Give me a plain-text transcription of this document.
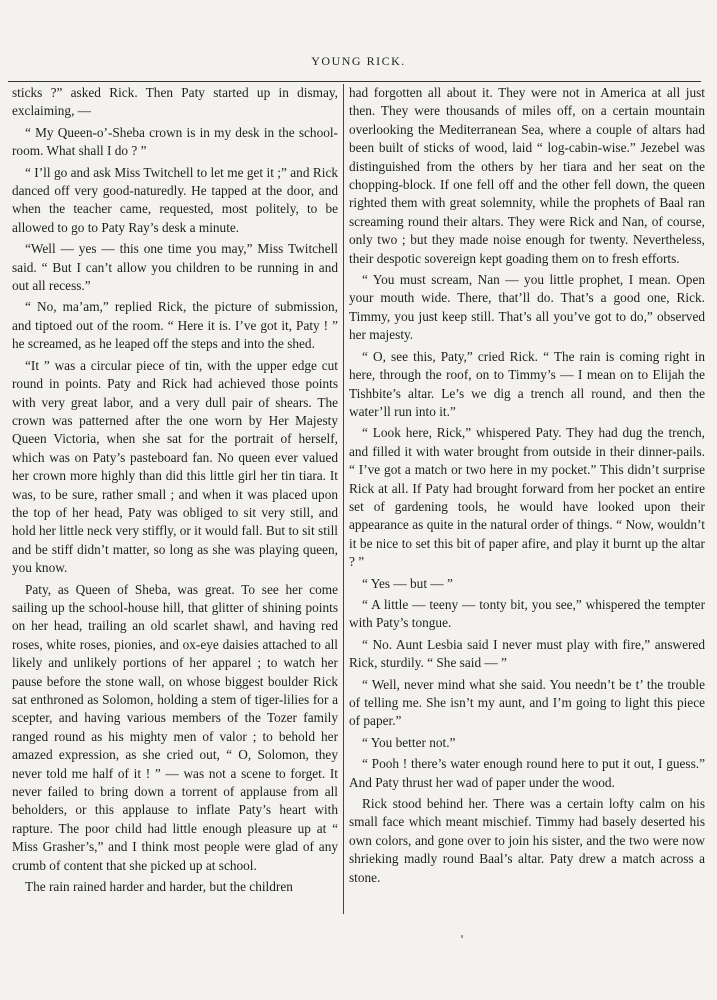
YOUNG RICK.

sticks ?” asked Rick. Then Paty started up in dismay, exclaiming, —

“ My Queen-o’-Sheba crown is in my desk in the school-room. What shall I do ? ”

“ I’ll go and ask Miss Twitchell to let me get it ;” and Rick danced off very good-naturedly. He tapped at the door, and when the teacher came, requested, most politely, to be allowed to go to Paty Ray’s desk a minute.

“Well — yes — this one time you may,” Miss Twitchell said. “ But I can’t allow you children to be running in and out all recess.”

“ No, ma’am,” replied Rick, the picture of submission, and tiptoed out of the room. “ Here it is. I’ve got it, Paty ! ” he screamed, as he leaped off the steps and into the shed.

“It ” was a circular piece of tin, with the upper edge cut round in points. Paty and Rick had achieved those points with very great labor, and a very dull pair of shears. The crown was patterned after the one worn by Her Majesty Queen Victoria, when she sat for the portrait of herself, which was on Paty’s pasteboard fan. No queen ever valued her crown more highly than did this little girl her tin tiara. It was, to be sure, rather small ; and when it was placed upon the top of her head, Paty was obliged to sit very still, and hold her little neck very stiffly, or it would fall. But to sit still and be stiff didn’t matter, so long as she was playing queen, you know.

Paty, as Queen of Sheba, was great. To see her come sailing up the school-house hill, that glitter of shining points on her head, trailing an old scarlet shawl, and having red roses, white roses, pionies, and ox-eye daisies attached to all likely and unlikely portions of her apparel ; to watch her pause before the stone wall, on whose biggest boulder Rick sat enthroned as Solomon, holding a stem of tiger-lilies for a scepter, and having various members of the Tozer family ranged round as his mighty men of valor ; to behold her amazed expression, as she cried out, “ O, Solomon, they never told me half of it ! ” — was not a scene to forget. It never failed to bring down a torrent of applause from all beholders, or this applause to inflate Paty’s heart with rapture. The poor child had little enough pleasure up at “ Miss Grasher’s,” and I think most people were glad of any crumb of content that she picked up at school.

The rain rained harder and harder, but the children

had forgotten all about it. They were not in America at all just then. They were thousands of miles off, on a certain mountain overlooking the Mediterranean Sea, where a couple of altars had been built of sticks of wood, laid “ log-cabin-wise.” Jezebel was distinguished from the others by her tiara and her seat on the chopping-block. If one fell off and the other fell down, the queen righted them with great solemnity, while the prophets of Baal ran screaming round their altars. They were Rick and Nan, of course, only two ; but they made noise enough for twenty. Nevertheless, their despotic sovereign kept goading them on to fresh efforts.

“ You must scream, Nan — you little prophet, I mean. Open your mouth wide. There, that’ll do. That’s a good one, Rick. Timmy, you just keep still. That’s all you’ve got to do,” observed her majesty.

“ O, see this, Paty,” cried Rick. “ The rain is coming right in here, through the roof, on to Timmy’s — I mean on to Elijah the Tishbite’s altar. Le’s we dig a trench all round, and then the water’ll run into it.”

“ Look here, Rick,” whispered Paty. They had dug the trench, and filled it with water brought from outside in their dinner-pails. “ I’ve got a match or two here in my pocket.” This didn’t surprise Rick at all. If Paty had brought forward from her pocket an entire set of gardening tools, he would have looked upon their appearance as quite in the natural order of things. “ Now, wouldn’t it be nice to set this bit of paper afire, and play it burnt up the altar ? ”

“ Yes — but — ”

“ A little — teeny — tonty bit, you see,” whispered the tempter with Paty’s tongue.

“ No. Aunt Lesbia said I never must play with fire,” answered Rick, sturdily. “ She said — ”

“ Well, never mind what she said. You needn’t be t’ the trouble of telling me. She isn’t my aunt, and I’m going to light this piece of paper.”

“ You better not.”

“ Pooh ! there’s water enough round here to put it out, I guess.” And Paty thrust her wad of paper under the wood.

Rick stood behind her. There was a certain lofty calm on his small face which meant mischief. Timmy had basely deserted his own colors, and gone over to join his sister, and the two were now shrieking madly round Baal’s altar. Paty drew a match across a stone.
